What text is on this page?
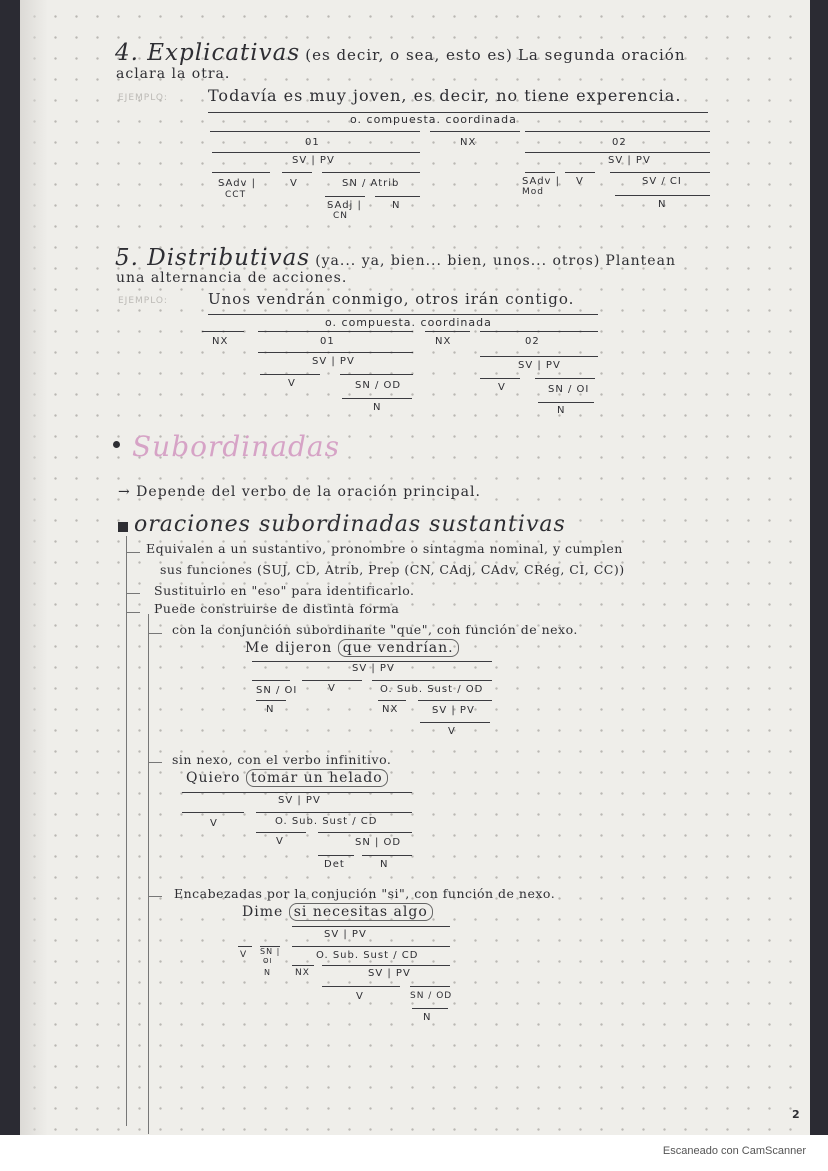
4. Explicativas (es decir, o sea, esto es) La segunda oración
aclara la otra.
EJEMPLO:	Todavía es muy joven, es decir, no tiene experencia.
o. compuesta. coordinada
01	NX	02
SV | PV	SV | PV
SAdv |
CCT
V	SN / Atrib
SAdj |
CN
N
SAdv |
Mod
V	SV / CI
N
5. Distributivas (ya... ya, bien... bien, unos... otros) Plantean
una alternancia de acciones.
EJEMPLO:	Unos vendrán conmigo, otros irán contigo.
o. compuesta. coordinada
NX	01	NX	02
SV | PV	SV | PV
V	SN / OD	V	SN / OI
N	N
Subordinadas
→ Depende del verbo de la oración principal.
oraciones subordinadas sustantivas
Equivalen a un sustantivo, pronombre o sintagma nominal, y cumplen
sus funciones (SUJ, CD, Atrib, Prep (CN, CAdj, CAdv, CRég, CI, CC))
Sustituirlo en "eso" para identificarlo.
Puede construirse de distinta forma
con la conjunción subordinante "que", con función de nexo.
Me dijeron que vendrían.
SV | PV
SN / OI	V	O. Sub. Sust / OD
N	NX	SV | PV
V
sin nexo, con el verbo infinitivo.
Quiero tomar un helado
SV | PV
V	O. Sub. Sust / CD
V	SN | OD
Det	N
Encabezadas por la conjución "si", con función de nexo.
Dime si necesitas algo
SV | PV
V SN |
OI
N	NX
O. Sub. Sust / CD
SV | PV
V	SN / OD
N
2
Escaneado con CamScanner
